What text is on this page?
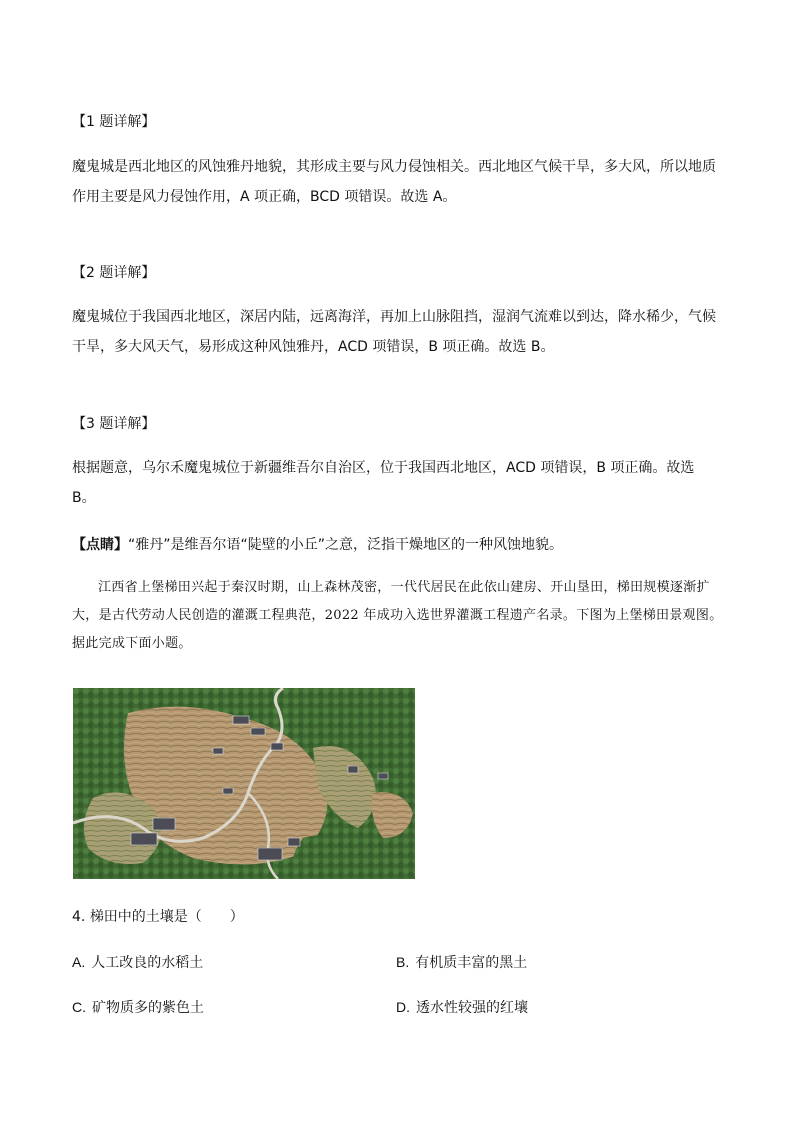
【1 题详解】
魔鬼城是西北地区的风蚀雅丹地貌，其形成主要与风力侵蚀相关。西北地区气候干旱，多大风，所以地质作用主要是风力侵蚀作用，A 项正确，BCD 项错误。故选 A。
【2 题详解】
魔鬼城位于我国西北地区，深居内陆，远离海洋，再加上山脉阻挡，湿润气流难以到达，降水稀少，气候干旱，多大风天气，易形成这种风蚀雅丹，ACD 项错误，B 项正确。故选 B。
【3 题详解】
根据题意，乌尔禾魔鬼城位于新疆维吾尔自治区，位于我国西北地区，ACD 项错误，B 项正确。故选 B。
【点睛】“雅丹”是维吾尔语“陡壁的小丘”之意，泛指干燥地区的一种风蚀地貌。
江西省上堡梯田兴起于秦汉时期，山上森林茂密，一代代居民在此依山建房、开山垦田，梯田规模逐渐扩大，是古代劳动人民创造的灌溉工程典范，2022 年成功入选世界灌溉工程遗产名录。下图为上堡梯田景观图。据此完成下面小题。
4. 梯田中的土壤是（　　）
A. 人工改良的水稻土	B. 有机质丰富的黑土
C. 矿物质多的紫色土	D. 透水性较强的红壤
